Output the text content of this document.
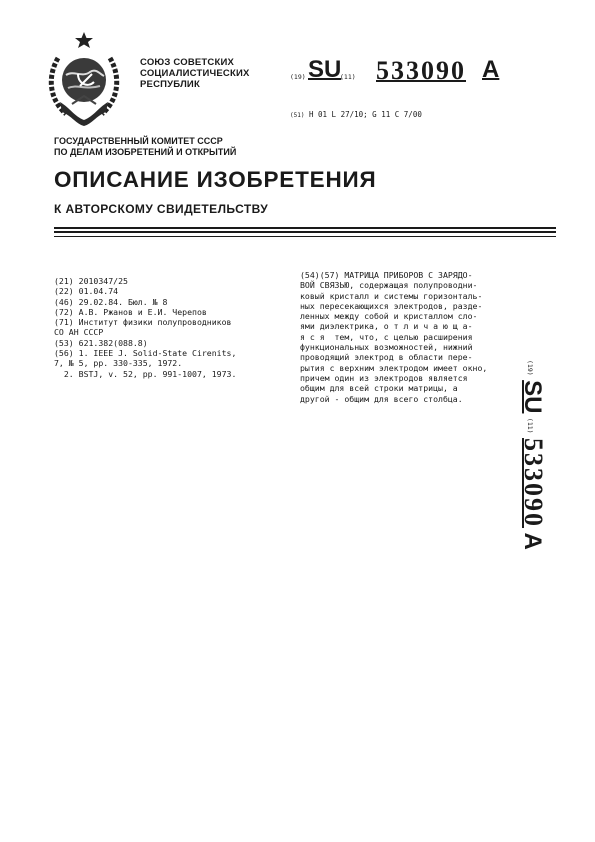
СОЮЗ СОВЕТСКИХ
СОЦИАЛИСТИЧЕСКИХ
РЕСПУБЛИК
(19) SU
(11) 533090 A
(51) H 01 L 27/10; G 11 C 7/00
ГОСУДАРСТВЕННЫЙ КОМИТЕТ СССР
ПО ДЕЛАМ ИЗОБРЕТЕНИЙ И ОТКРЫТИЙ
ОПИСАНИЕ ИЗОБРЕТЕНИЯ
К АВТОРСКОМУ СВИДЕТЕЛЬСТВУ
(21) 2010347/25
(22) 01.04.74
(46) 29.02.84. Бюл. № 8
(72) А.В. Ржанов и Е.И. Черепов
(71) Институт физики полупроводников
СО АН СССР
(53) 621.382(088.8)
(56) 1. IEEE J. Solid-State Cirenits,
7, № 5, pp. 330-335, 1972.
2. BSTJ, v. 52, pp. 991-1007, 1973.
(54)(57) МАТРИЦА ПРИБОРОВ С ЗАРЯДО-
ВОЙ СВЯЗЬЮ, содержащая полупроводни-
ковый кристалл и системы горизонталь-
ных пересекающихся электродов, разде-
ленных между собой и кристаллом сло-
ями диэлектрика, о т л и ч а ю щ а-
я с я  тем, что, с целью расширения
функциональных возможностей, нижний
проводящий электрод в области пере-
рытия с верхним электродом имеет окно,
причем один из электродов является
общим для всей строки матрицы, а
другой - общим для всего столбца.
(19) SU (11) 533090 A
